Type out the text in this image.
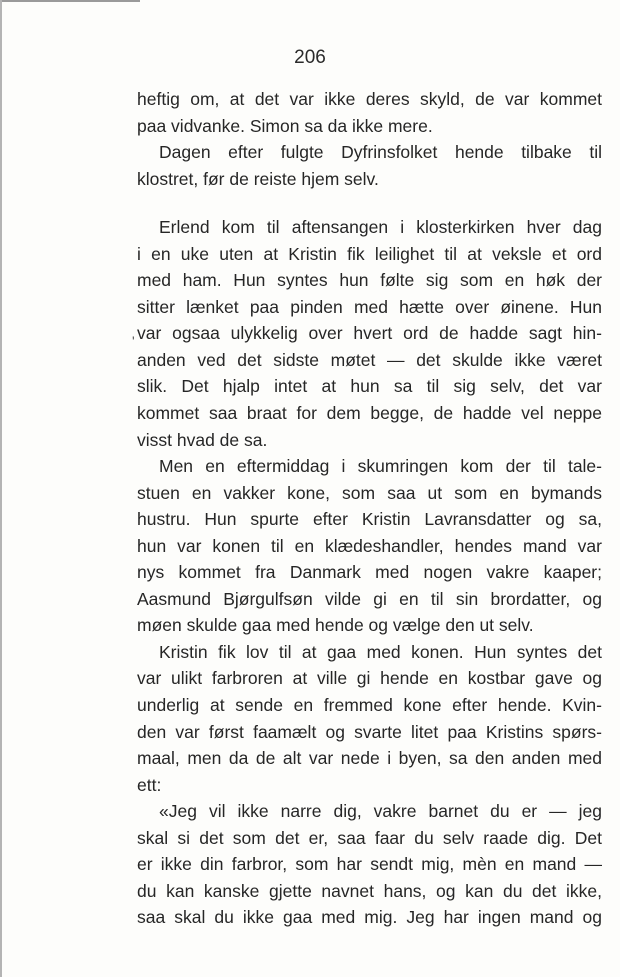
206
'
heftig om, at det var ikke deres skyld, de var kommet
paa vidvanke. Simon sa da ikke mere.
Dagen efter fulgte Dyfrinsfolket hende tilbake til
klostret, før de reiste hjem selv.
Erlend kom til aftensangen i klosterkirken hver dag
i en uke uten at Kristin fik leilighet til at veksle et ord
med ham. Hun syntes hun følte sig som en høk der
sitter lænket paa pinden med hætte over øinene. Hun
var ogsaa ulykkelig over hvert ord de hadde sagt hin-
anden ved det sidste møtet — det skulde ikke været
slik. Det hjalp intet at hun sa til sig selv, det var
kommet saa braat for dem begge, de hadde vel neppe
visst hvad de sa.
Men en eftermiddag i skumringen kom der til tale-
stuen en vakker kone, som saa ut som en bymands
hustru. Hun spurte efter Kristin Lavransdatter og sa,
hun var konen til en klædeshandler, hendes mand var
nys kommet fra Danmark med nogen vakre kaaper;
Aasmund Bjørgulfsøn vilde gi en til sin brordatter, og
møen skulde gaa med hende og vælge den ut selv.
Kristin fik lov til at gaa med konen. Hun syntes det
var ulikt farbroren at ville gi hende en kostbar gave og
underlig at sende en fremmed kone efter hende. Kvin-
den var først faamælt og svarte litet paa Kristins spørs-
maal, men da de alt var nede i byen, sa den anden med
ett:
«Jeg vil ikke narre dig, vakre barnet du er — jeg
skal si det som det er, saa faar du selv raade dig. Det
er ikke din farbror, som har sendt mig, mèn en mand —
du kan kanske gjette navnet hans, og kan du det ikke,
saa skal du ikke gaa med mig. Jeg har ingen mand og
